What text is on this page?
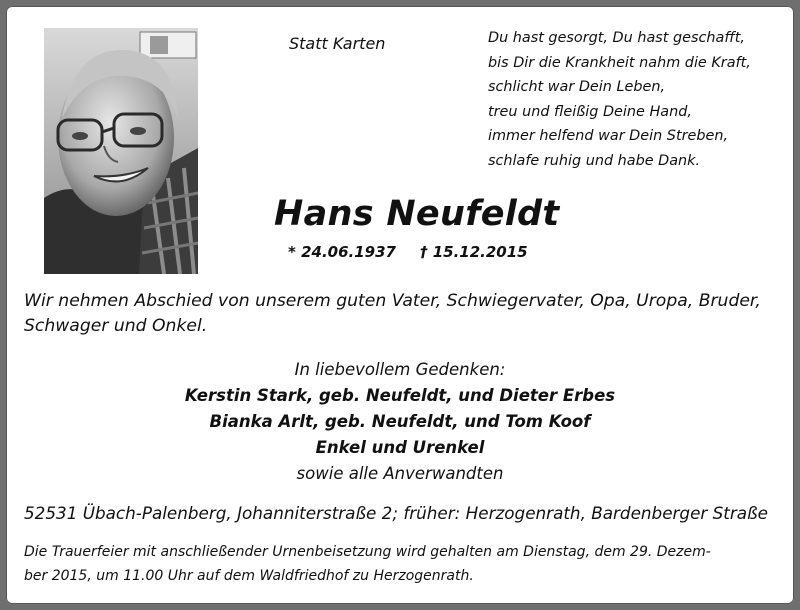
Statt Karten	Du hast gesorgt, Du hast geschafft,
bis Dir die Krankheit nahm die Kraft,
schlicht war Dein Leben,
treu und fleißig Deine Hand,
immer helfend war Dein Streben,
schlafe ruhig und habe Dank.
Hans Neufeldt
* 24.06.1937 † 15.12.2015
Wir nehmen Abschied von unserem guten Vater, Schwiegervater, Opa, Uropa, Bruder, Schwager und Onkel.
In liebevollem Gedenken:
Kerstin Stark, geb. Neufeldt, und Dieter Erbes
Bianka Arlt, geb. Neufeldt, und Tom Koof
Enkel und Urenkel
sowie alle Anverwandten
52531 Übach-Palenberg, Johanniterstraße 2; früher: Herzogenrath, Bardenberger Straße
Die Trauerfeier mit anschließender Urnenbeisetzung wird gehalten am Dienstag, dem 29. Dezem-
ber 2015, um 11.00 Uhr auf dem Waldfriedhof zu Herzogenrath.
